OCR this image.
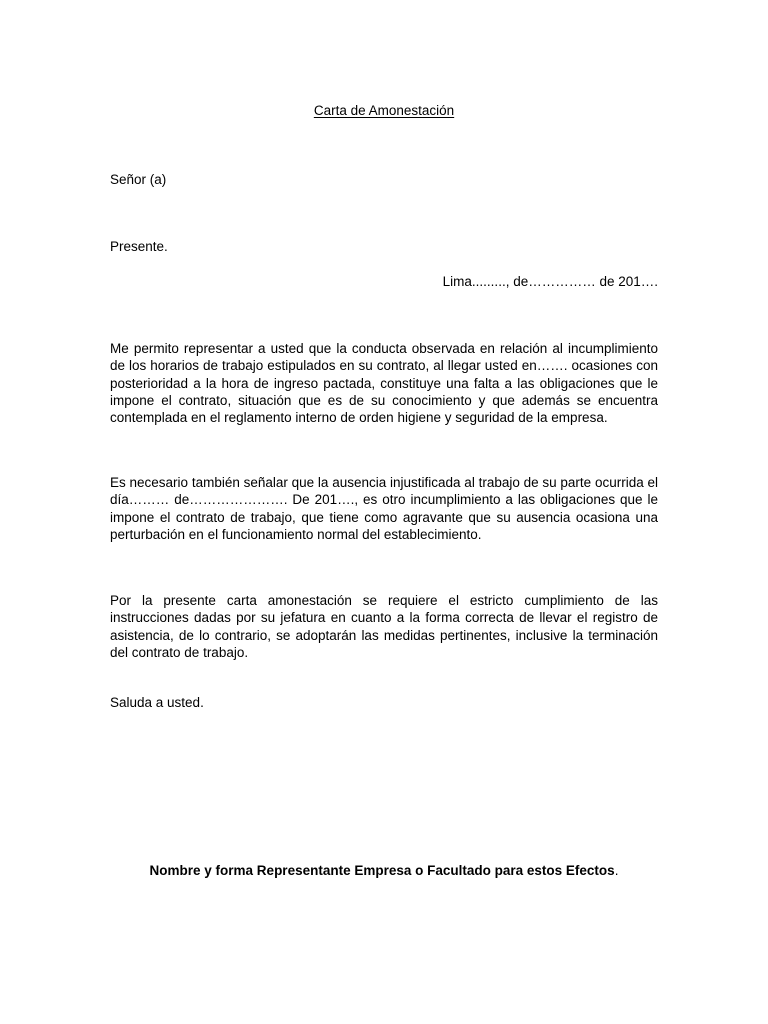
Carta de Amonestación
Señor (a)
Presente.
Lima........., de…………… de 201….

Me permito representar a usted que la conducta observada en relación al incumplimiento de los horarios de trabajo estipulados en su contrato, al llegar usted en……. ocasiones con posterioridad a la hora de ingreso pactada, constituye una falta a las obligaciones que le impone el contrato, situación que es de su conocimiento y que además se encuentra contemplada en el reglamento interno de orden higiene y seguridad de la empresa.

Es necesario también señalar que la ausencia injustificada al trabajo de su parte ocurrida el día……… de…………………. De 201…., es otro incumplimiento a las obligaciones que le impone el contrato de trabajo, que tiene como agravante que su ausencia ocasiona una perturbación en el funcionamiento normal del establecimiento.

Por la presente carta amonestación se requiere el estricto cumplimiento de las instrucciones dadas por su jefatura en cuanto a la forma correcta de llevar el registro de asistencia, de lo contrario, se adoptarán las medidas pertinentes, inclusive la terminación del contrato de trabajo.

Saluda a usted.
Nombre y forma Representante Empresa o Facultado para estos Efectos.
